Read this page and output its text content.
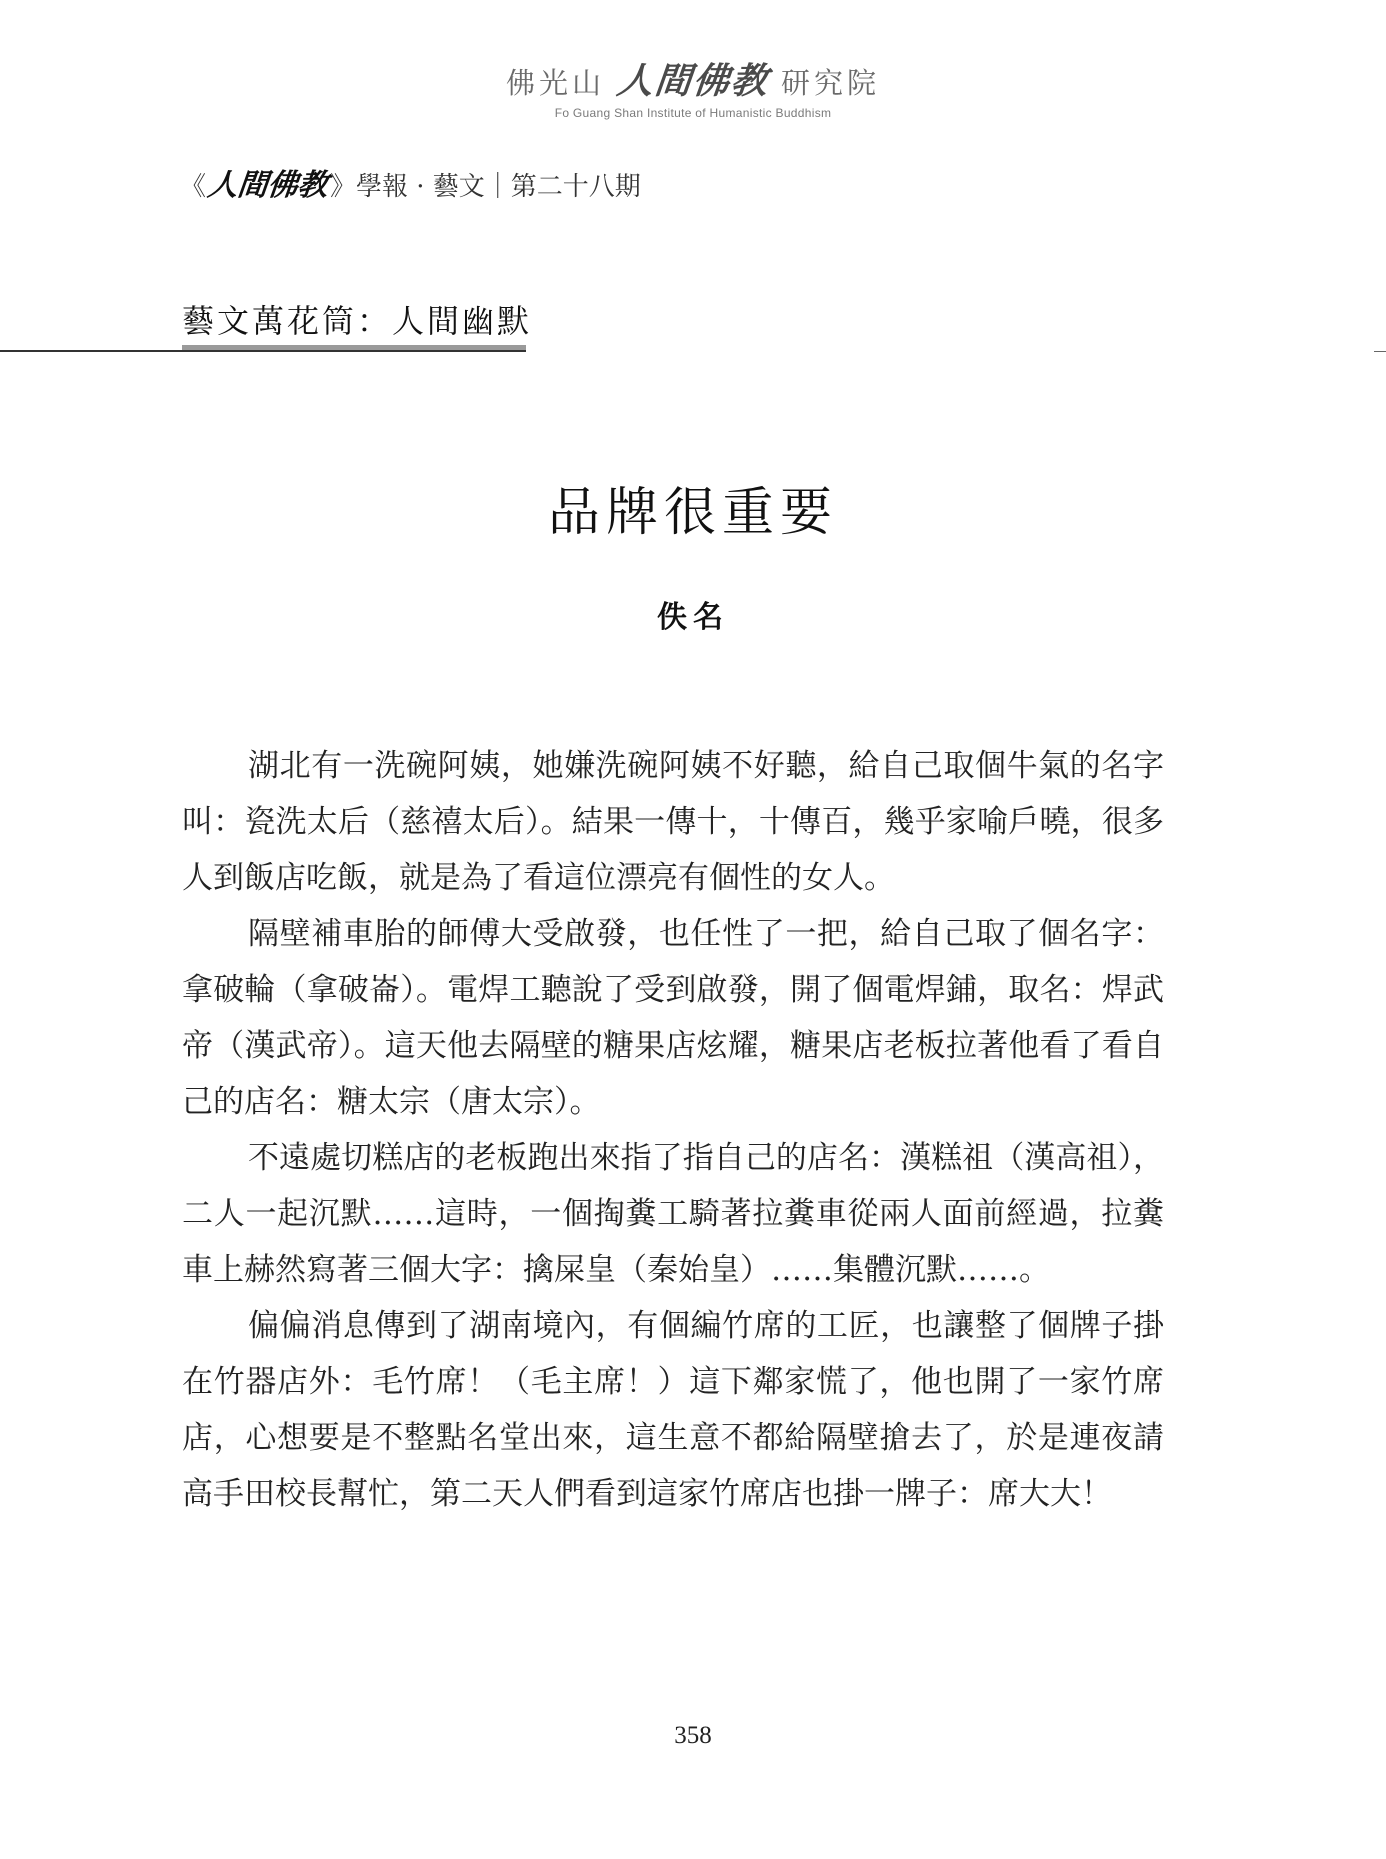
佛光山 人間佛教 研究院
Fo Guang Shan Institute of Humanistic Buddhism
《人間佛教》學報 · 藝文｜第二十八期
藝文萬花筒：人間幽默
品牌很重要
佚名

湖北有一洗碗阿姨，她嫌洗碗阿姨不好聽，給自己取個牛氣的名字叫：瓷洗太后（慈禧太后）。結果一傳十，十傳百，幾乎家喻戶曉，很多人到飯店吃飯，就是為了看這位漂亮有個性的女人。

隔壁補車胎的師傅大受啟發，也任性了一把，給自己取了個名字：拿破輪（拿破崙）。電焊工聽說了受到啟發，開了個電焊鋪，取名：焊武帝（漢武帝）。這天他去隔壁的糖果店炫耀，糖果店老板拉著他看了看自己的店名：糖太宗（唐太宗）。

不遠處切糕店的老板跑出來指了指自己的店名：漢糕祖（漢高祖），二人一起沉默……這時，一個掏糞工騎著拉糞車從兩人面前經過，拉糞車上赫然寫著三個大字：擒屎皇（秦始皇）……集體沉默……。

偏偏消息傳到了湖南境內，有個編竹席的工匠，也讓整了個牌子掛在竹器店外：毛竹席！（毛主席！）這下鄰家慌了，他也開了一家竹席店，心想要是不整點名堂出來，這生意不都給隔壁搶去了，於是連夜請高手田校長幫忙，第二天人們看到這家竹席店也掛一牌子：席大大！

358
